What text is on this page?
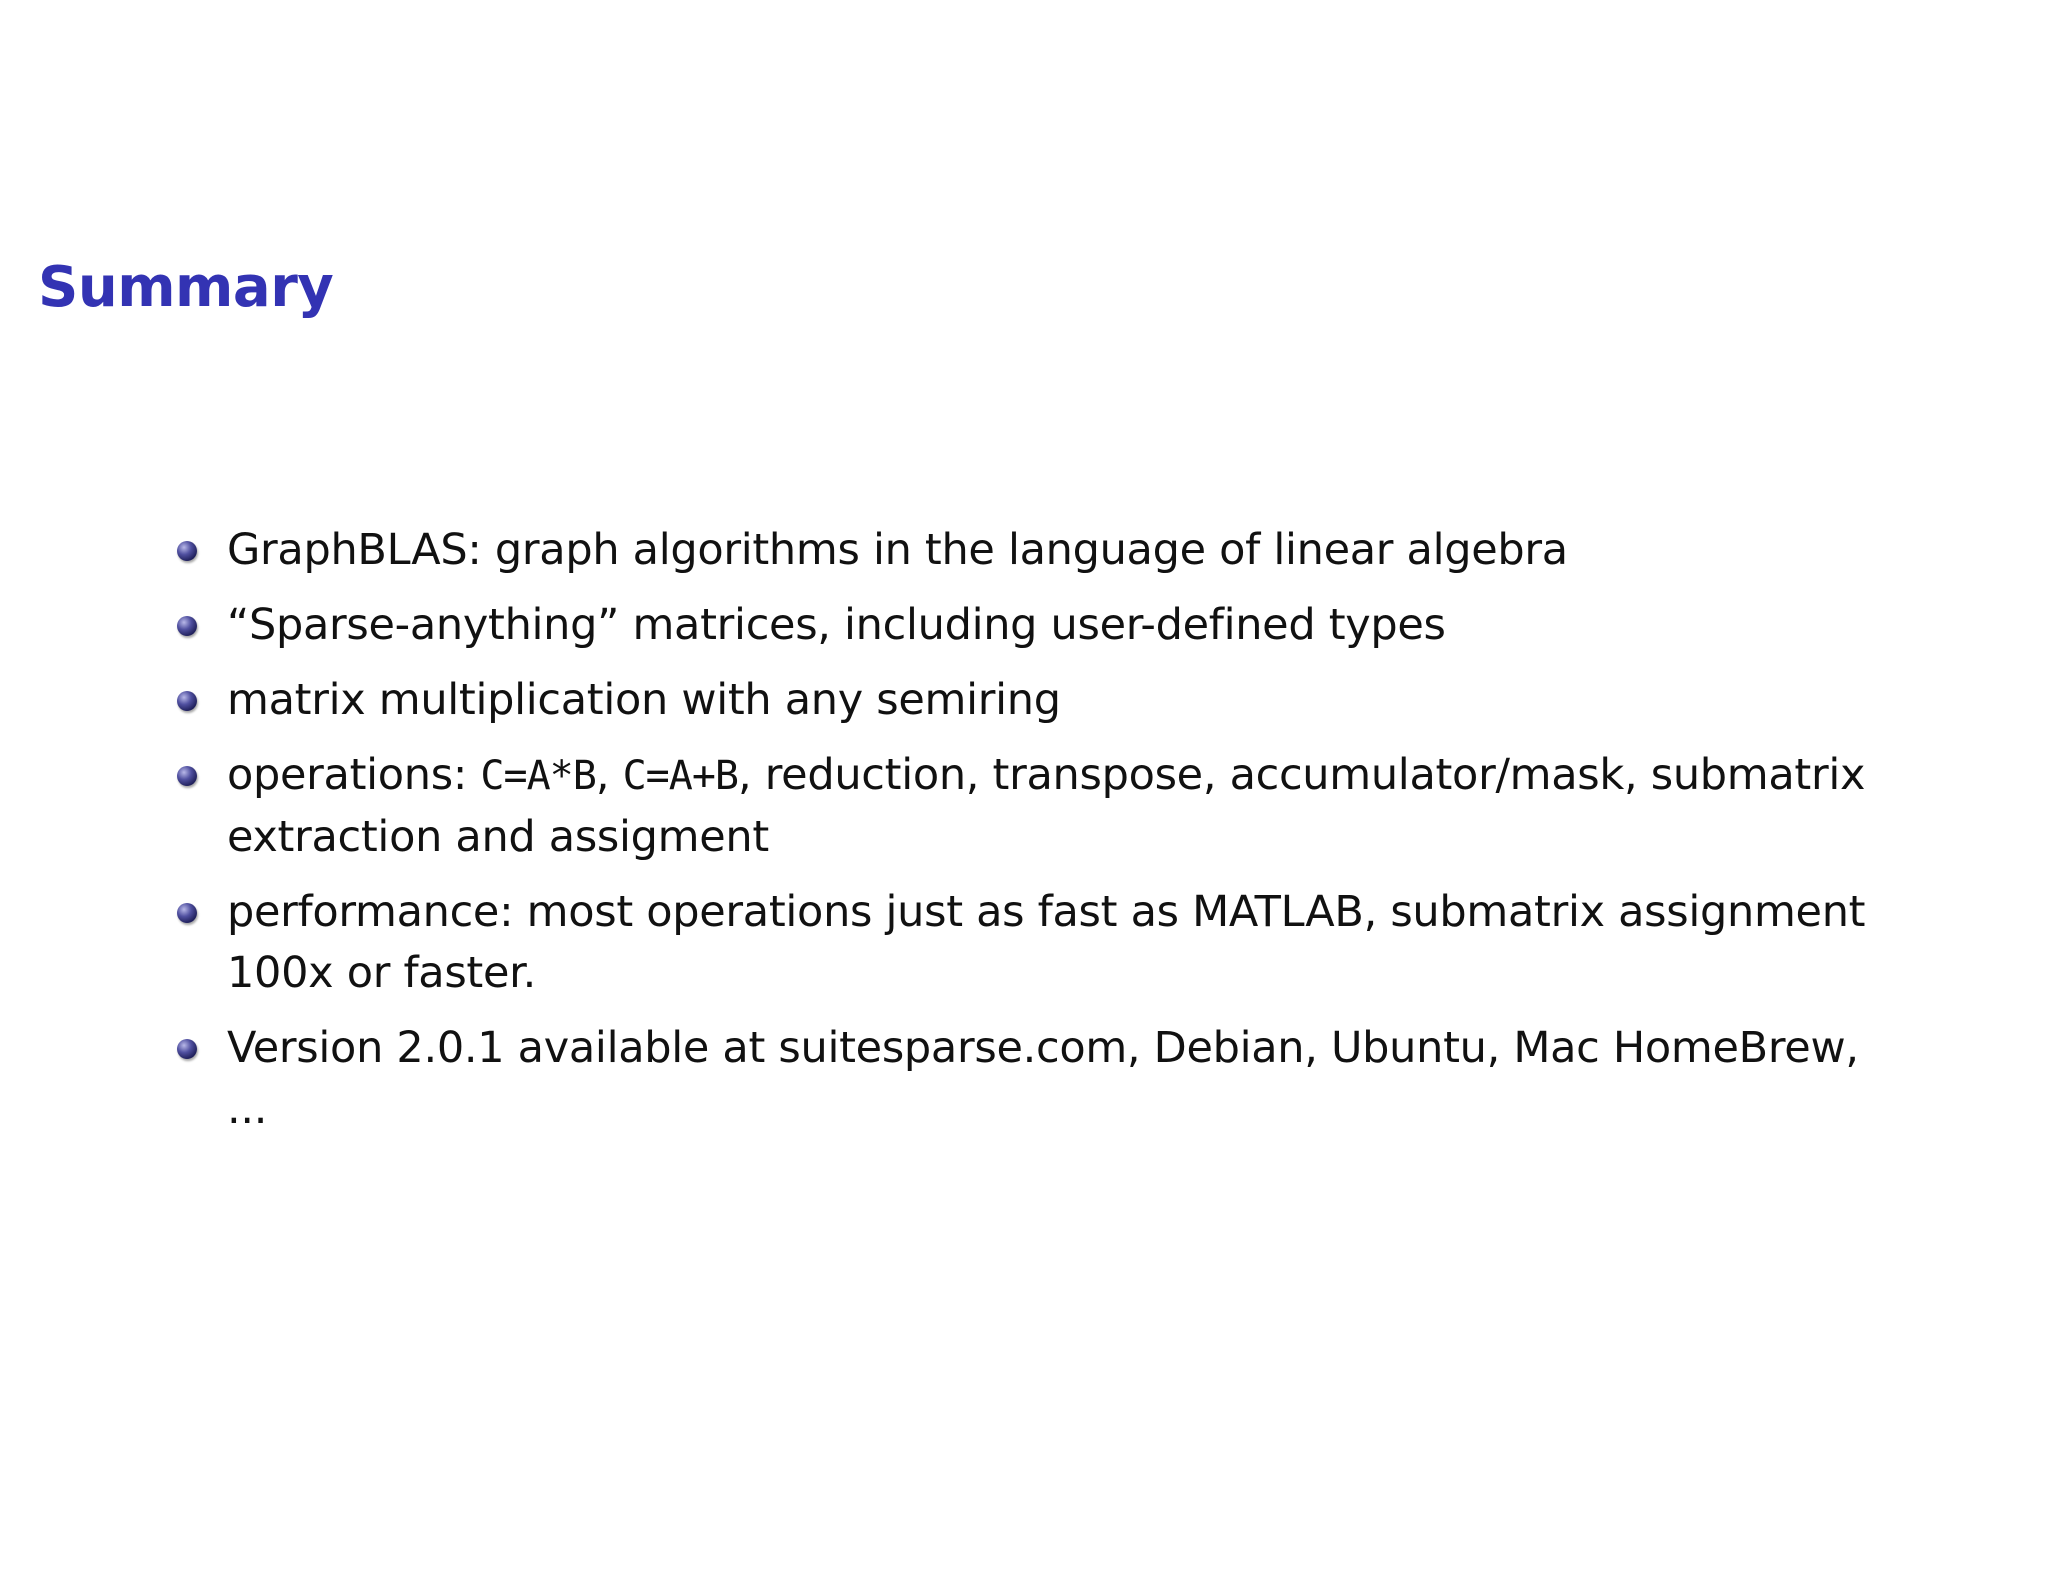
Summary
GraphBLAS: graph algorithms in the language of linear algebra
“Sparse-anything” matrices, including user-defined types
matrix multiplication with any semiring
operations: C=A*B, C=A+B, reduction, transpose, accumulator/mask, submatrix extraction and assigment
performance: most operations just as fast as MATLAB, submatrix assignment 100x or faster.
Version 2.0.1 available at suitesparse.com, Debian, Ubuntu, Mac HomeBrew, ...
